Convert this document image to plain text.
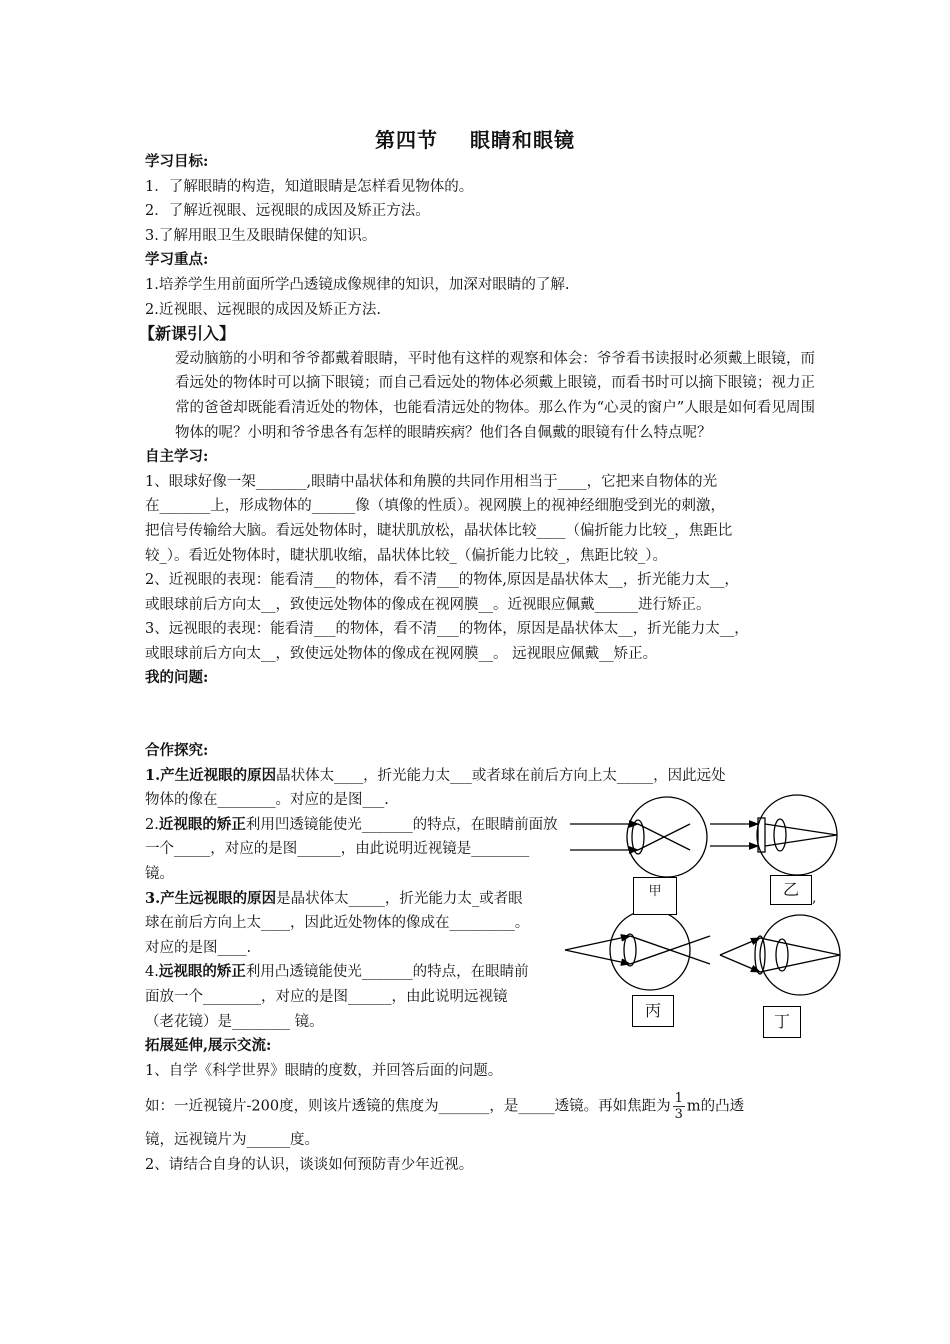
第四节 眼睛和眼镜
学习目标:
1．了解眼睛的构造，知道眼睛是怎样看见物体的。
2．了解近视眼、远视眼的成因及矫正方法。
3.了解用眼卫生及眼睛保健的知识。
学习重点:
1.培养学生用前面所学凸透镜成像规律的知识，加深对眼睛的了解.
2.近视眼、远视眼的成因及矫正方法.
【新课引入】
爱动脑筋的小明和爷爷都戴着眼睛，平时他有这样的观察和体会：爷爷看书读报时必须戴上眼镜，而看远处的物体时可以摘下眼镜；而自己看远处的物体必须戴上眼镜，而看书时可以摘下眼镜；视力正常的爸爸却既能看清近处的物体，也能看清远处的物体。那么作为“心灵的窗户”人眼是如何看见周围物体的呢？小明和爷爷患各有怎样的眼睛疾病？他们各自佩戴的眼镜有什么特点呢？
自主学习:
1、眼球好像一架_______,眼睛中晶状体和角膜的共同作用相当于____，它把来自物体的光
在_______上，形成物体的______像（填像的性质）。视网膜上的视神经细胞受到光的刺激，
把信号传输给大脑。看远处物体时，睫状肌放松，晶状体比较____（偏折能力比较_，焦距比
较_）。看近处物体时，睫状肌收缩，晶状体比较_（偏折能力比较_，焦距比较_）。
2、近视眼的表现：能看清___的物体，看不清___的物体,原因是晶状体太__，折光能力太__，
或眼球前后方向太__，致使远处物体的像成在视网膜__。近视眼应佩戴______进行矫正。
3、远视眼的表现：能看清___的物体，看不清___的物体，原因是晶状体太__，折光能力太__，
或眼球前后方向太__，致使远处物体的像成在视网膜__。 远视眼应佩戴__矫正。
我的问题:
合作探究:
1.产生近视眼的原因晶状体太____，折光能力太___或者球在前后方向上太_____，因此远处
物体的像在________。对应的是图___.
2.近视眼的矫正利用凹透镜能使光_______的特点，在眼睛前面放一个_____，对应的是图______，由此说明近视镜是________ 镜。
3.产生远视眼的原因是晶状体太_____，折光能力太_或者眼球在前后方向上太____，因此近处物体的像成在_________。对应的是图____.
4.远视眼的矫正利用凸透镜能使光_______的特点，在眼睛前面放一个________，对应的是图______，由此说明远视镜（老花镜）是________ 镜。
拓展延伸,展示交流:
1、自学《科学世界》眼睛的度数，并回答后面的问题。
如：一近视镜片-200度，则该片透镜的焦度为_______，是_____透镜。再如焦距为 $\frac{1}{3}$ m的凸透
镜，远视镜片为______度。
2、请结合自身的认识，谈谈如何预防青少年近视。
甲	乙 ,
丙
丁
